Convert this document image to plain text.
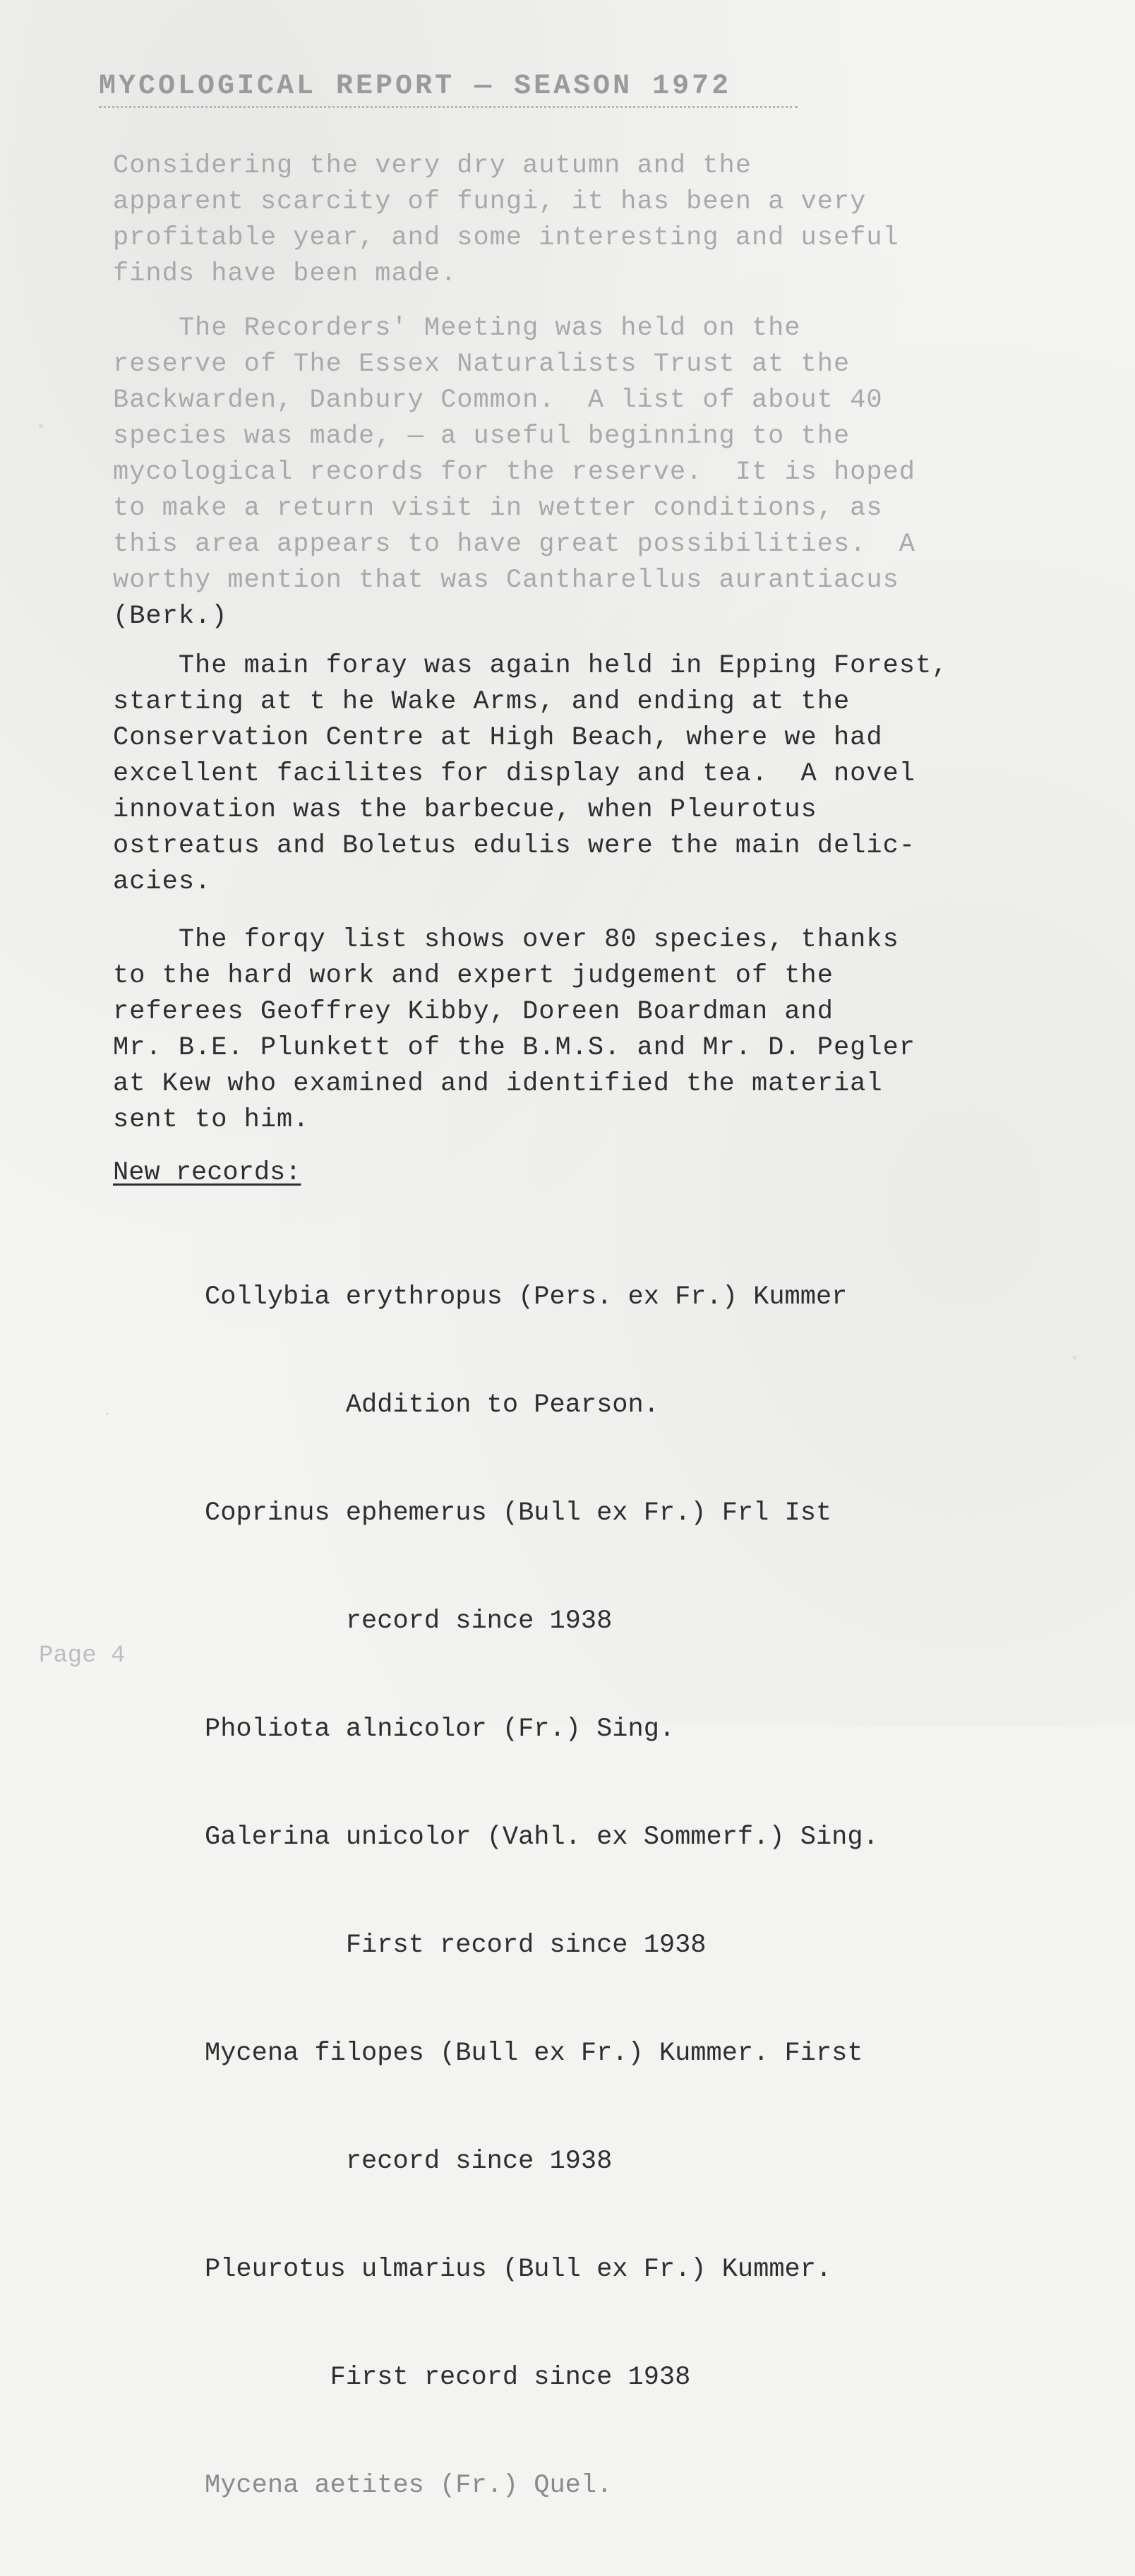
MYCOLOGICAL REPORT — SEASON 1972
Considering the very dry autumn and the
apparent scarcity of fungi, it has been a very
profitable year, and some interesting and useful
finds have been made.
The Recorders' Meeting was held on the
reserve of The Essex Naturalists Trust at the
Backwarden, Danbury Common.  A list of about 40
species was made, — a useful beginning to the
mycological records for the reserve.  It is hoped
to make a return visit in wetter conditions, as
this area appears to have great possibilities.  A
worthy mention that was Cantharellus aurantiacus
(Berk.)
The main foray was again held in Epping Forest,
starting at t he Wake Arms, and ending at the
Conservation Centre at High Beach, where we had
excellent facilites for display and tea.  A novel
innovation was the barbecue, when Pleurotus
ostreatus and Boletus edulis were the main delic-
acies.
The forqy list shows over 80 species, thanks
to the hard work and expert judgement of the
referees Geoffrey Kibby, Doreen Boardman and
Mr. B.E. Plunkett of the B.M.S. and Mr. D. Pegler
at Kew who examined and identified the material
sent to him.
New records:

Collybia erythropus (Pers. ex Fr.) Kummer

Addition to Pearson.

Coprinus ephemerus (Bull ex Fr.) Frl Ist

record since 1938

Pholiota alnicolor (Fr.) Sing.

Galerina unicolor (Vahl. ex Sommerf.) Sing.

First record since 1938

Mycena filopes (Bull ex Fr.) Kummer. First

record since 1938

Pleurotus ulmarius (Bull ex Fr.) Kummer.

First record since 1938

Mycena aetites (Fr.) Quel.

Page 4
